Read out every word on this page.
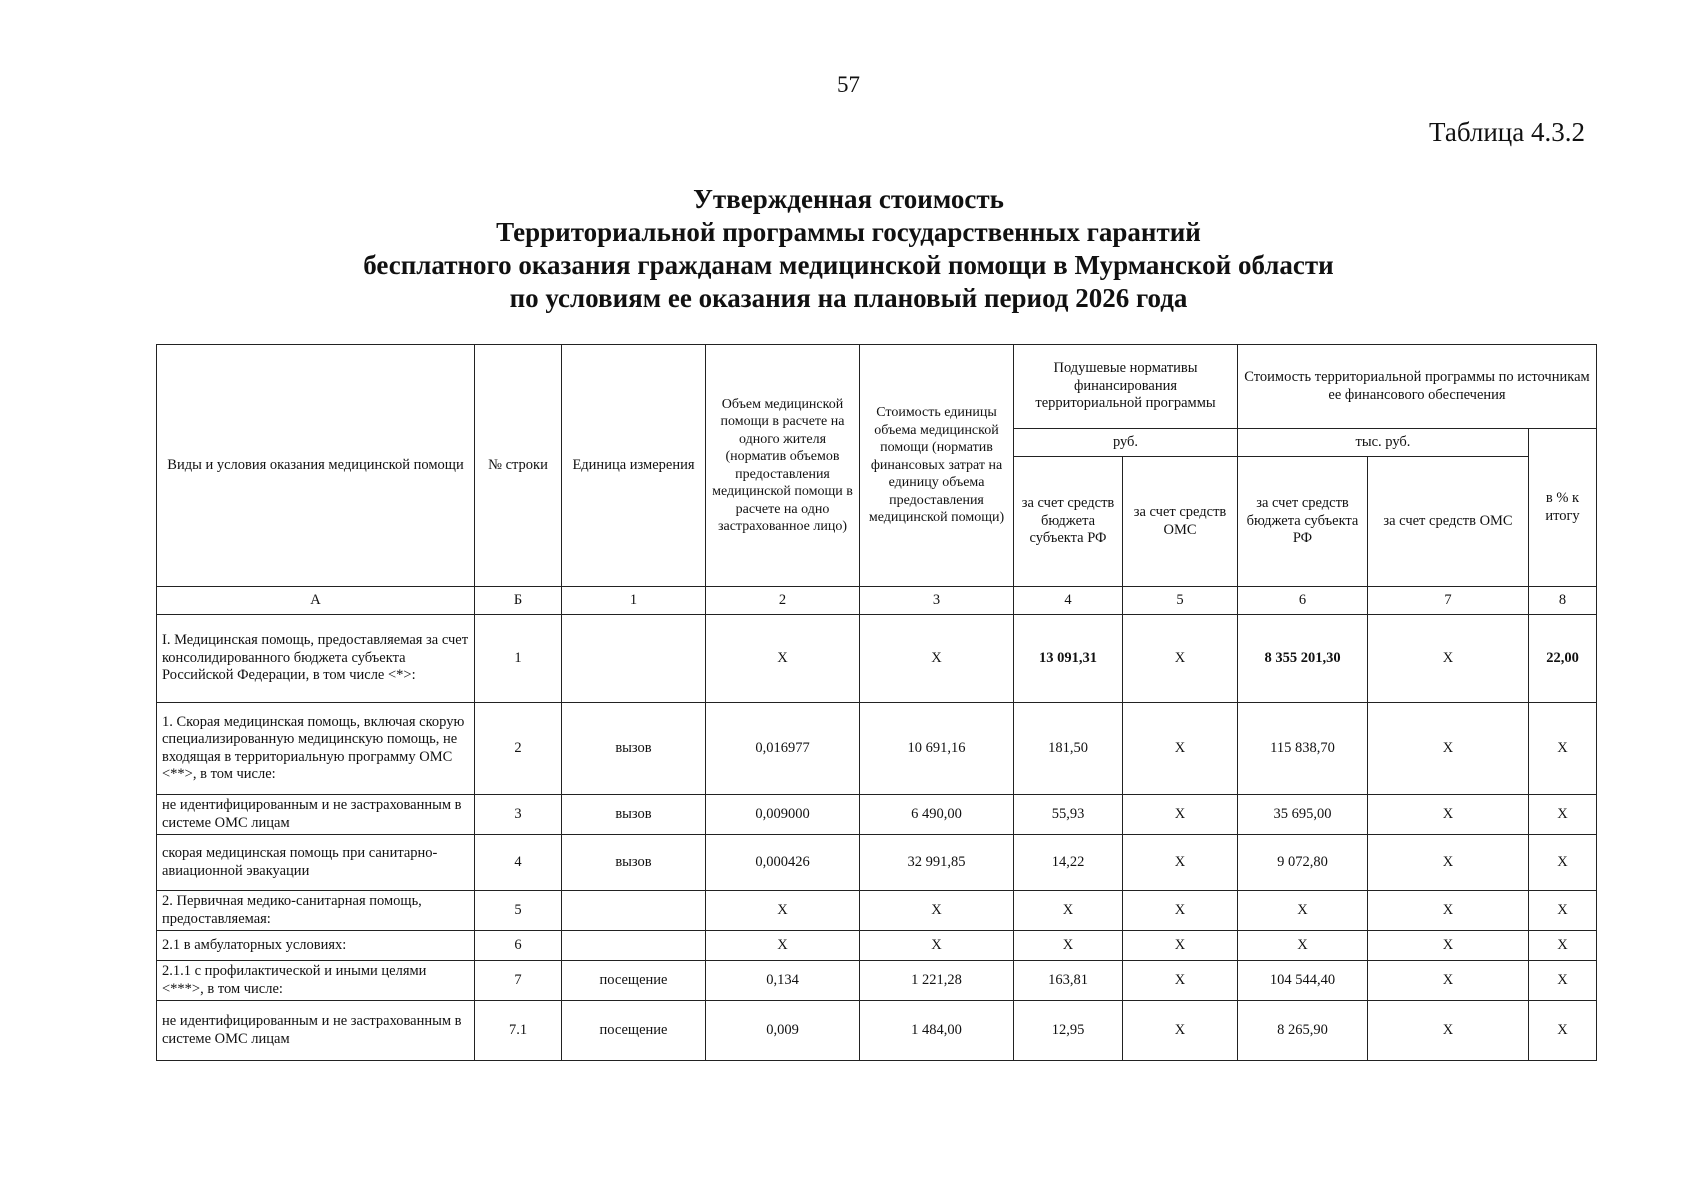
57
Таблица 4.3.2
Утвержденная стоимость
Территориальной программы государственных гарантий
бесплатного оказания гражданам медицинской помощи в Мурманской области
по условиям ее оказания на плановый период 2026 года
Виды и условия оказания медицинской помощи	№ строки	Единица измерения	Объем медицинской помощи в расчете на одного жителя (норматив объемов предоставления медицинской помощи в расчете на одно застрахованное лицо)	Стоимость единицы объема медицинской помощи (норматив финансовых затрат на единицу объема предоставления медицинской помощи)	Подушевые нормативы финансирования территориальной программы		Стоимость территориальной программы по источникам ее финансового обеспечения		
					руб.		тыс. руб.		в % к итогу
					за счет средств бюджета субъекта РФ	за счет средств ОМС	за счет средств бюджета субъекта РФ	за счет средств ОМС	
А	Б	1	2	3	4	5	6	7	8
I. Медицинская помощь, предоставляемая за счет консолидированного бюджета субъекта Российской Федерации, в том числе <*>:	1		X	X	13 091,31	X	8 355 201,30	X	22,00
1. Скорая медицинская помощь, включая скорую специализированную медицинскую помощь, не входящая в территориальную программу ОМС <**>, в том числе:	2	вызов	0,016977	10 691,16	181,50	X	115 838,70	X	X
не идентифицированным и не застрахованным в системе ОМС лицам	3	вызов	0,009000	6 490,00	55,93	X	35 695,00	X	X
скорая медицинская помощь при санитарно-авиационной эвакуации	4	вызов	0,000426	32 991,85	14,22	X	9 072,80	X	X
2. Первичная медико-санитарная помощь, предоставляемая:	5		X	X	X	X	X	X	X
2.1 в амбулаторных условиях:	6		X	X	X	X	X	X	X
2.1.1 с профилактической и иными целями <***>, в том числе:	7	посещение	0,134	1 221,28	163,81	X	104 544,40	X	X
не идентифицированным и не застрахованным в системе ОМС лицам	7.1	посещение	0,009	1 484,00	12,95	X	8 265,90	X	X
